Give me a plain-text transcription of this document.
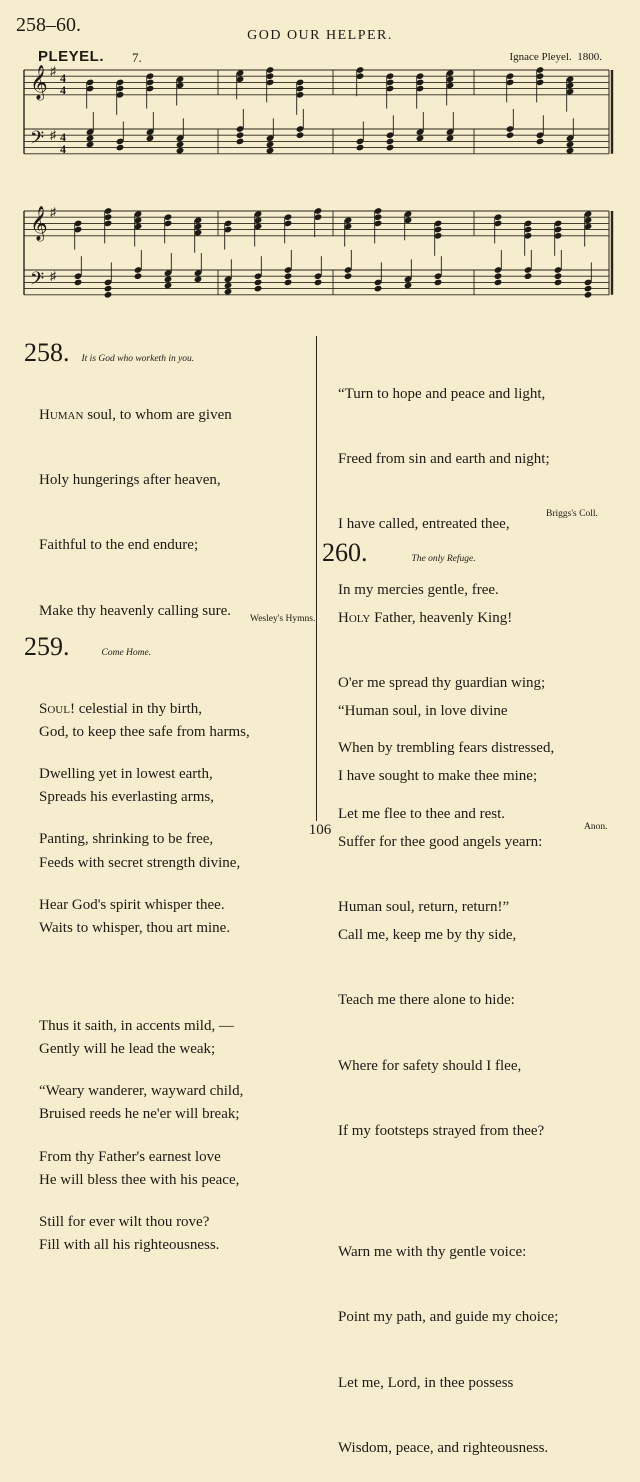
258–60.	GOD OUR HELPER.
PLEYEL. 7.	Ignace Pleyel. 1800.
𝄞 ♯ 4
4
𝄢 ♯ 4
4
𝄞 ♯
𝄢 ♯
258. It is God who worketh in you.

Human soul, to whom are given

Holy hungerings after heaven,

Faithful to the end endure;

Make thy heavenly calling sure.

God, to keep thee safe from harms,

Spreads his everlasting arms,

Feeds with secret strength divine,

Waits to whisper, thou art mine.

Gently will he lead the weak;

Bruised reeds he ne'er will break;

He will bless thee with his peace,

Fill with all his righteousness.

Wesley's Hymns.
259.	Come Home.

Soul! celestial in thy birth,

Dwelling yet in lowest earth,

Panting, shrinking to be free,

Hear God's spirit whisper thee.

Thus it saith, in accents mild, —

“Weary wanderer, wayward child,

From thy Father's earnest love

Still for ever wilt thou rove?

“Turn to hope and peace and light,

Freed from sin and earth and night;

I have called, entreated thee,

In my mercies gentle, free.

“Human soul, in love divine

I have sought to make thee mine;

Suffer for thee good angels yearn:

Human soul, return, return!”

Briggs's Coll.
260.	The only Refuge.

Holy Father, heavenly King!

O'er me spread thy guardian wing;

When by trembling fears distressed,

Let me flee to thee and rest.

Call me, keep me by thy side,

Teach me there alone to hide:

Where for safety should I flee,

If my footsteps strayed from thee?

Warn me with thy gentle voice:

Point my path, and guide my choice;

Let me, Lord, in thee possess

Wisdom, peace, and righteousness.

Anon.
106
